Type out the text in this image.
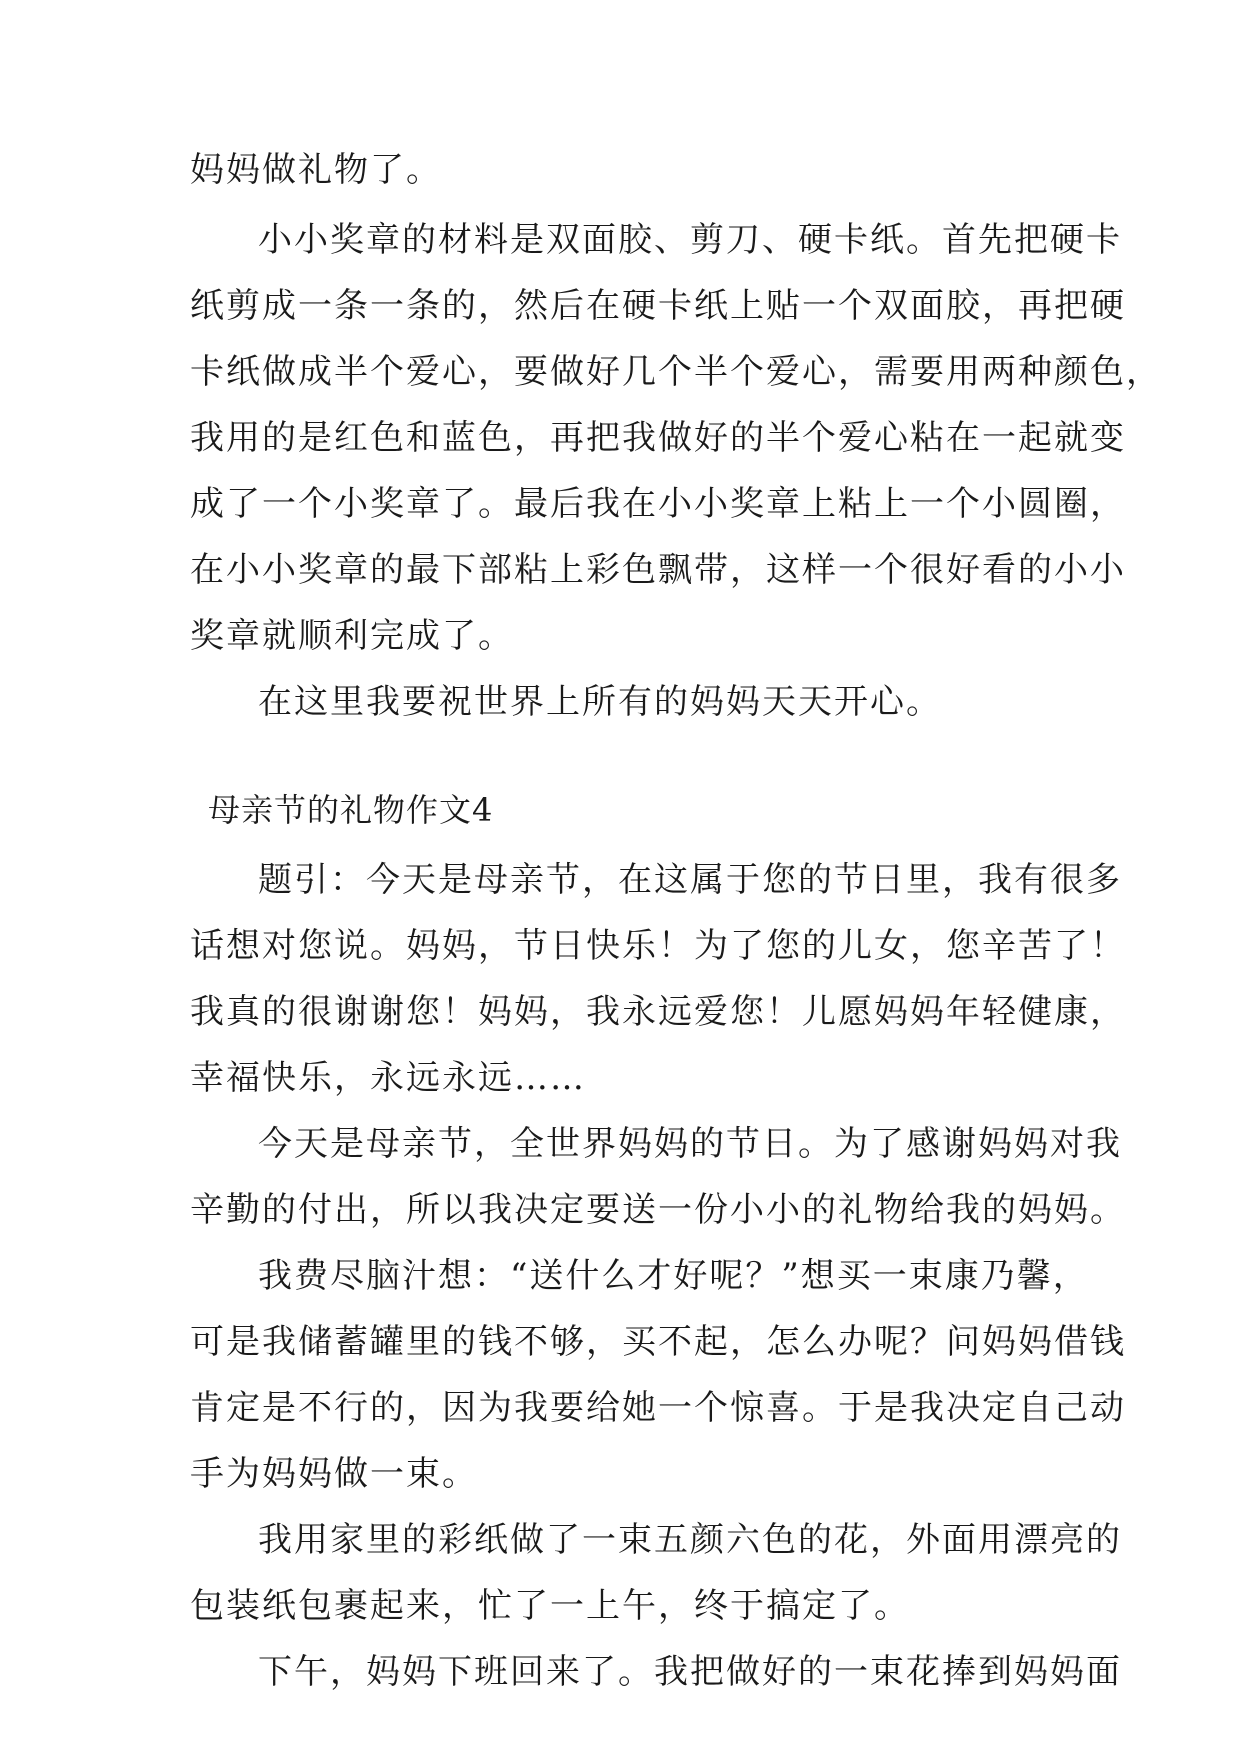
妈妈做礼物了。
小小奖章的材料是双面胶、剪刀、硬卡纸。首先把硬卡
纸剪成一条一条的，然后在硬卡纸上贴一个双面胶，再把硬
卡纸做成半个爱心，要做好几个半个爱心，需要用两种颜色，
我用的是红色和蓝色，再把我做好的半个爱心粘在一起就变
成了一个小奖章了。最后我在小小奖章上粘上一个小圆圈，
在小小奖章的最下部粘上彩色飘带，这样一个很好看的小小
奖章就顺利完成了。
在这里我要祝世界上所有的妈妈天天开心。
母亲节的礼物作文4
题引：今天是母亲节，在这属于您的节日里，我有很多
话想对您说。妈妈，节日快乐！为了您的儿女，您辛苦了！
我真的很谢谢您！妈妈，我永远爱您！儿愿妈妈年轻健康，
幸福快乐，永远永远……
今天是母亲节，全世界妈妈的节日。为了感谢妈妈对我
辛勤的付出，所以我决定要送一份小小的礼物给我的妈妈。
我费尽脑汁想：“送什么才好呢？”想买一束康乃馨，
可是我储蓄罐里的钱不够，买不起，怎么办呢？问妈妈借钱
肯定是不行的，因为我要给她一个惊喜。于是我决定自己动
手为妈妈做一束。
我用家里的彩纸做了一束五颜六色的花，外面用漂亮的
包装纸包裹起来，忙了一上午，终于搞定了。
下午，妈妈下班回来了。我把做好的一束花捧到妈妈面
